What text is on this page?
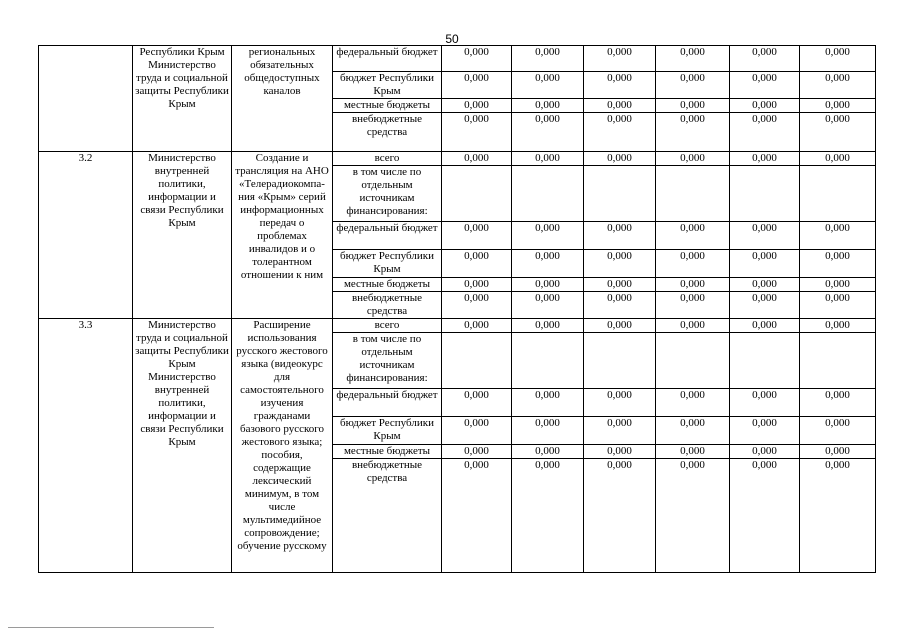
50
	Республики Крым Министерство труда и социальной защиты Республики Крым	региональных обязательных общедоступных каналов	федеральный бюджет	0,000	0,000	0,000	0,000	0,000	0,000
			бюджет Республики Крым	0,000	0,000	0,000	0,000	0,000	0,000
			местные бюджеты	0,000	0,000	0,000	0,000	0,000	0,000
			внебюджетные средства	0,000	0,000	0,000	0,000	0,000	0,000
3.2	Министерство внутренней политики, информации и связи Республики Крым	Создание и трансляция на АНО «Телерадиокомпа-ния «Крым» серий информационных передач о проблемах инвалидов и о толерантном отношении к ним	всего	0,000	0,000	0,000	0,000	0,000	0,000
			в том числе по отдельным источникам финансирования:						
			федеральный бюджет	0,000	0,000	0,000	0,000	0,000	0,000
			бюджет Республики Крым	0,000	0,000	0,000	0,000	0,000	0,000
			местные бюджеты	0,000	0,000	0,000	0,000	0,000	0,000
			внебюджетные средства	0,000	0,000	0,000	0,000	0,000	0,000
3.3	Министерство труда и социальной защиты Республики Крым Министерство внутренней политики, информации и связи Республики Крым	Расширение использования русского жестового языка (видеокурс для самостоятельного изучения гражданами базового русского жестового языка; пособия, содержащие лексический минимум, в том числе мультимедийное сопровождение; обучение русскому	всего	0,000	0,000	0,000	0,000	0,000	0,000
			в том числе по отдельным источникам финансирования:						
			федеральный бюджет	0,000	0,000	0,000	0,000	0,000	0,000
			бюджет Республики Крым	0,000	0,000	0,000	0,000	0,000	0,000
			местные бюджеты	0,000	0,000	0,000	0,000	0,000	0,000
			внебюджетные средства	0,000	0,000	0,000	0,000	0,000	0,000
